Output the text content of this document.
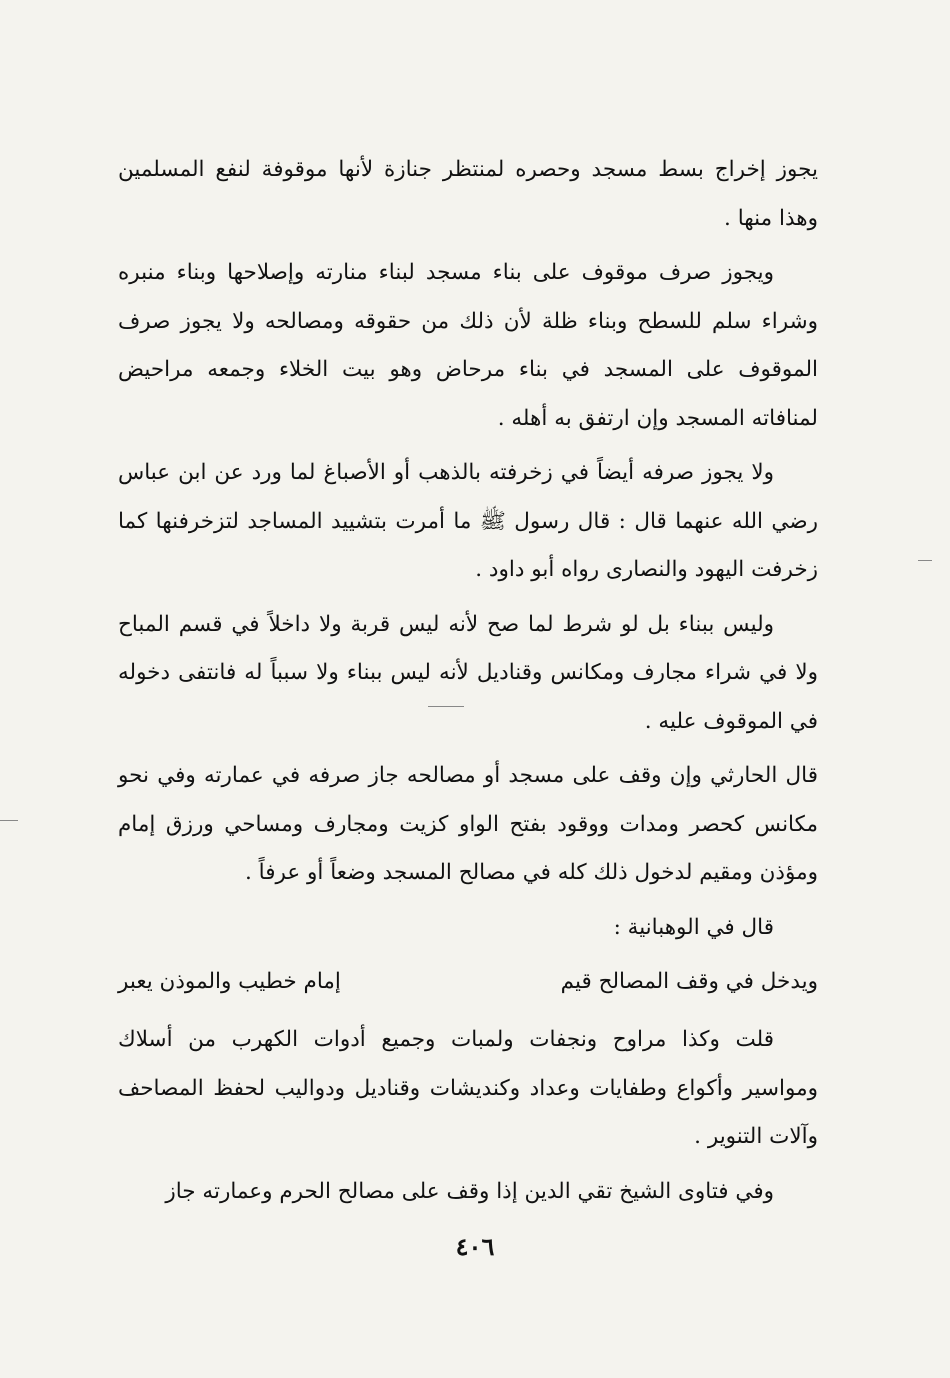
يجوز إخراج بسط مسجد وحصره لمنتظر جنازة لأنها موقوفة لنفع المسلمين وهذا منها .

ويجوز صرف موقوف على بناء مسجد لبناء منارته وإصلاحها وبناء منبره وشراء سلم للسطح وبناء ظلة لأن ذلك من حقوقه ومصالحه ولا يجوز صرف الموقوف على المسجد في بناء مرحاض وهو بيت الخلاء وجمعه مراحيض لمنافاته المسجد وإن ارتفق به أهله .

ولا يجوز صرفه أيضاً في زخرفته بالذهب أو الأصباغ لما ورد عن ابن عباس رضي الله عنهما قال : قال رسول ﷺ ما أمرت بتشييد المساجد لتزخرفنها كما زخرفت اليهود والنصارى رواه أبو داود .

وليس ببناء بل لو شرط لما صح لأنه ليس قربة ولا داخلاً في قسم المباح ولا في شراء مجارف ومكانس وقناديل لأنه ليس ببناء ولا سبباً له فانتفى دخوله في الموقوف عليه .

قال الحارثي وإن وقف على مسجد أو مصالحه جاز صرفه في عمارته وفي نحو مكانس كحصر ومدات ووقود بفتح الواو كزيت ومجارف ومساحي ورزق إمام ومؤذن ومقيم لدخول ذلك كله في مصالح المسجد وضعاً أو عرفاً .

قال في الوهبانية :

ويدخل في وقف المصالح قيم
إمام خطيب والموذن يعبر

قلت وكذا مراوح ونجفات ولمبات وجميع أدوات الكهرب من أسلاك ومواسير وأكواع وطفايات وعداد وكنديشات وقناديل ودواليب لحفظ المصاحف وآلات التنوير .

وفي فتاوى الشيخ تقي الدين إذا وقف على مصالح الحرم وعمارته جاز

٤٠٦
